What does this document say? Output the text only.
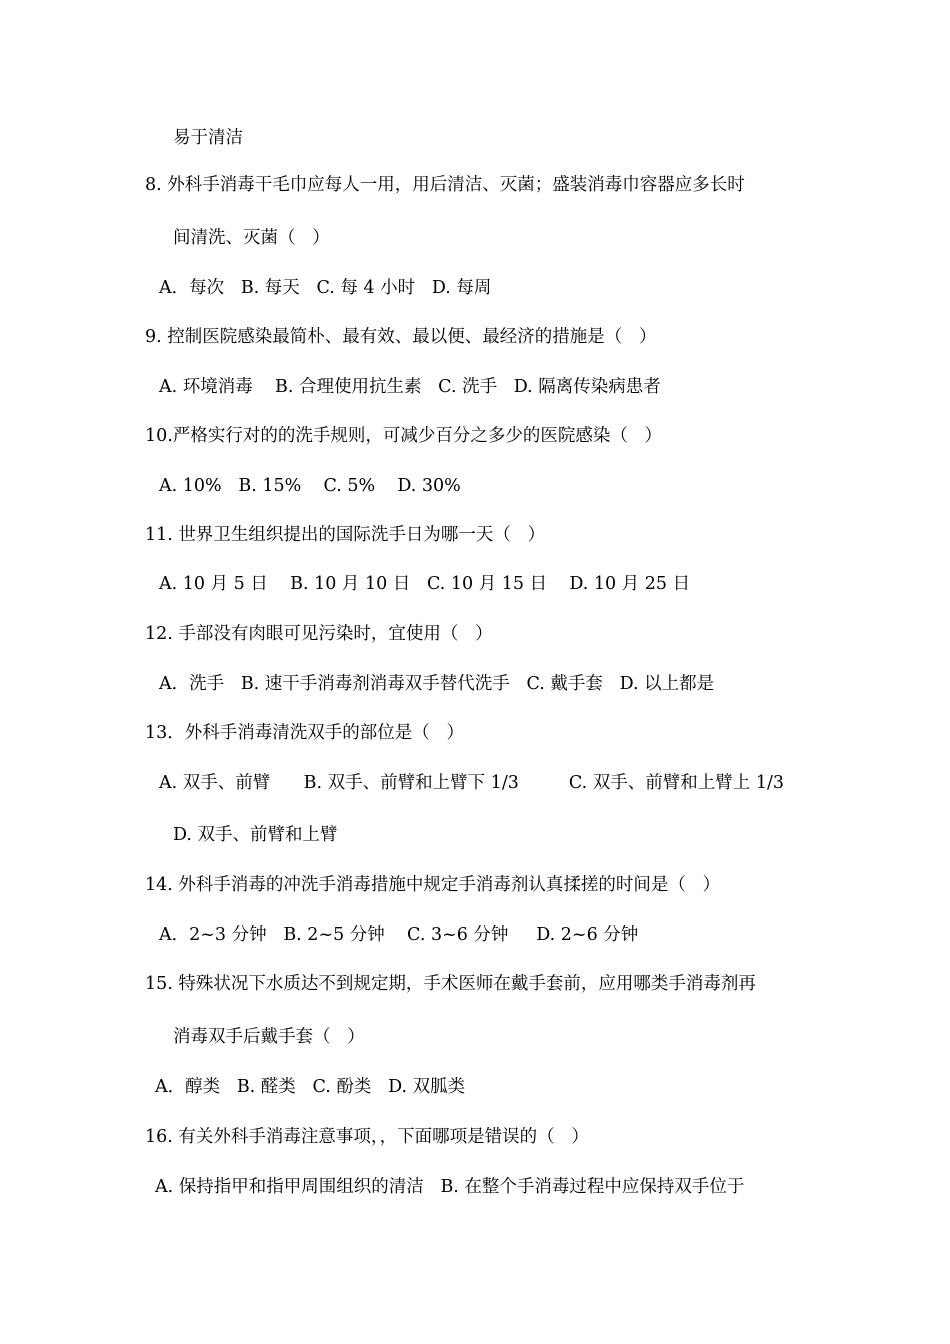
易于清洁
8. 外科手消毒干毛巾应每人一用，用后清洁、灭菌；盛装消毒巾容器应多长时
间清洗、灭菌（   ）
A．每次   B. 每天   C. 每 4 小时   D. 每周
9. 控制医院感染最简朴、最有效、最以便、最经济的措施是（   ）
A. 环境消毒    B. 合理使用抗生素   C. 洗手   D. 隔离传染病患者
10.严格实行对的的洗手规则，可减少百分之多少的医院感染（   ）
A. 10%   B. 15%    C. 5%    D. 30%
11. 世界卫生组织提出的国际洗手日为哪一天（   ）
A. 10 月 5 日    B. 10 月 10 日   C. 10 月 15 日    D. 10 月 25 日
12. 手部没有肉眼可见污染时，宜使用（   ）
A．洗手   B. 速干手消毒剂消毒双手替代洗手   C. 戴手套   D. 以上都是
13．外科手消毒清洗双手的部位是（   ）
A. 双手、前臂      B. 双手、前臂和上臂下 1/3         C. 双手、前臂和上臂上 1/3
D. 双手、前臂和上臂
14. 外科手消毒的冲洗手消毒措施中规定手消毒剂认真揉搓的时间是（   ）
A．2~3 分钟   B. 2~5 分钟    C. 3~6 分钟     D. 2~6 分钟
15. 特殊状况下水质达不到规定期，手术医师在戴手套前，应用哪类手消毒剂再
消毒双手后戴手套（   ）
A．醇类   B. 醛类   C. 酚类   D. 双胍类
16. 有关外科手消毒注意事项，，下面哪项是错误的（   ）
A. 保持指甲和指甲周围组织的清洁   B. 在整个手消毒过程中应保持双手位于
